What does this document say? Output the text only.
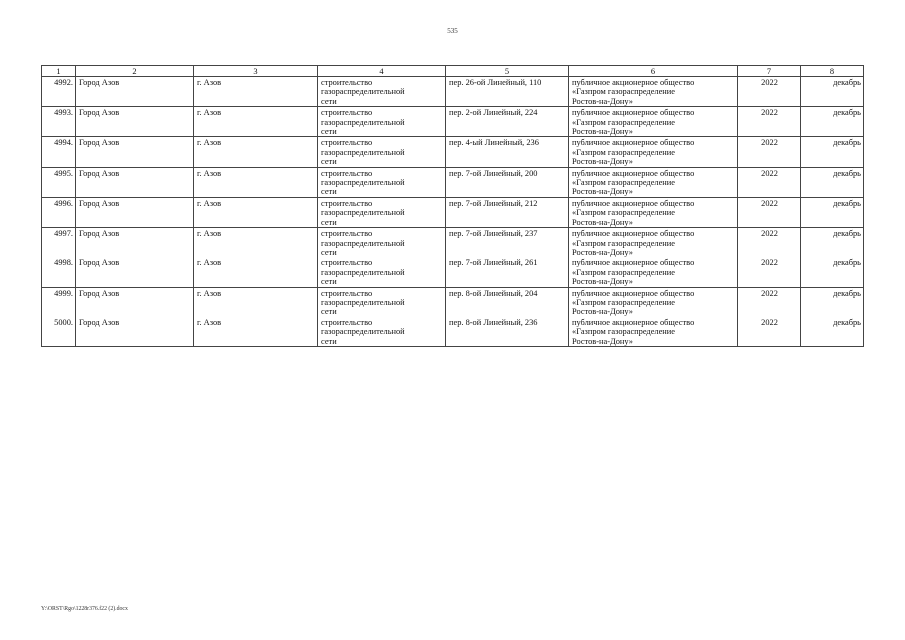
535
1	2	3	4	5	6	7	8
4992.	Город Азов	г. Азов	строительство
газораспределительной
сети	пер. 26-ой Линейный, 110	публичное акционерное общество
«Газпром газораспределение
Ростов-на-Дону»	2022	декабрь
4993.	Город Азов	г. Азов	строительство
газораспределительной
сети	пер. 2-ой Линейный, 224	публичное акционерное общество
«Газпром газораспределение
Ростов-на-Дону»	2022	декабрь
4994.	Город Азов	г. Азов	строительство
газораспределительной
сети	пер. 4-ый Линейный, 236	публичное акционерное общество
«Газпром газораспределение
Ростов-на-Дону»	2022	декабрь
4995.	Город Азов	г. Азов	строительство
газораспределительной
сети	пер. 7-ой Линейный, 200	публичное акционерное общество
«Газпром газораспределение
Ростов-на-Дону»	2022	декабрь
4996.	Город Азов	г. Азов	строительство
газораспределительной
сети	пер. 7-ой Линейный, 212	публичное акционерное общество
«Газпром газораспределение
Ростов-на-Дону»	2022	декабрь
4997.	Город Азов	г. Азов	строительство
газораспределительной
сети	пер. 7-ой Линейный, 237	публичное акционерное общество
«Газпром газораспределение
Ростов-на-Дону»	2022	декабрь
4998.	Город Азов	г. Азов	строительство
газораспределительной
сети	пер. 7-ой Линейный, 261	публичное акционерное общество
«Газпром газораспределение
Ростов-на-Дону»	2022	декабрь
4999.	Город Азов	г. Азов	строительство
газораспределительной
сети	пер. 8-ой Линейный, 204	публичное акционерное общество
«Газпром газораспределение
Ростов-на-Дону»	2022	декабрь
5000.	Город Азов	г. Азов	строительство
газораспределительной
сети	пер. 8-ой Линейный, 236	публичное акционерное общество
«Газпром газораспределение
Ростов-на-Дону»	2022	декабрь
Y:\ORST\Rgo\1228r376.f22 (2).docx
